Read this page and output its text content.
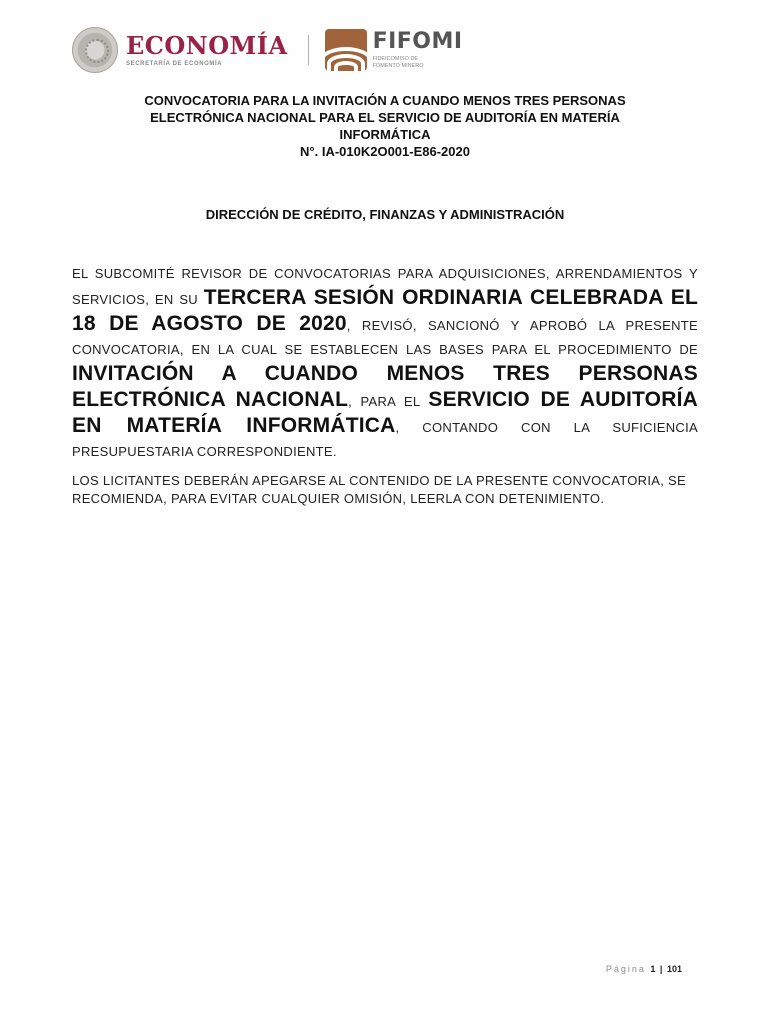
ECONOMÍA
SECRETARÍA DE ECONOMÍA
FIFOMI
FIDEICOMISO DE FOMENTO MINERO
CONVOCATORIA PARA LA INVITACIÓN A CUANDO MENOS TRES PERSONAS
ELECTRÓNICA NACIONAL PARA EL SERVICIO DE AUDITORÍA EN MATERÍA
INFORMÁTICA
N°. IA-010K2O001-E86-2020
DIRECCIÓN DE CRÉDITO, FINANZAS Y ADMINISTRACIÓN

EL SUBCOMITÉ REVISOR DE CONVOCATORIAS PARA ADQUISICIONES, ARRENDAMIENTOS Y SERVICIOS, EN SU TERCERA SESIÓN ORDINARIA CELEBRADA EL 18 DE AGOSTO DE 2020, REVISÓ, SANCIONÓ Y APROBÓ LA PRESENTE CONVOCATORIA, EN LA CUAL SE ESTABLECEN LAS BASES PARA EL PROCEDIMIENTO DE INVITACIÓN A CUANDO MENOS TRES PERSONAS ELECTRÓNICA NACIONAL, PARA EL SERVICIO DE AUDITORÍA EN MATERÍA INFORMÁTICA, CONTANDO CON LA SUFICIENCIA PRESUPUESTARIA CORRESPONDIENTE.

LOS LICITANTES DEBERÁN APEGARSE AL CONTENIDO DE LA PRESENTE CONVOCATORIA, SE RECOMIENDA, PARA EVITAR CUALQUIER OMISIÓN, LEERLA CON DETENIMIENTO.

Página 1 | 101
